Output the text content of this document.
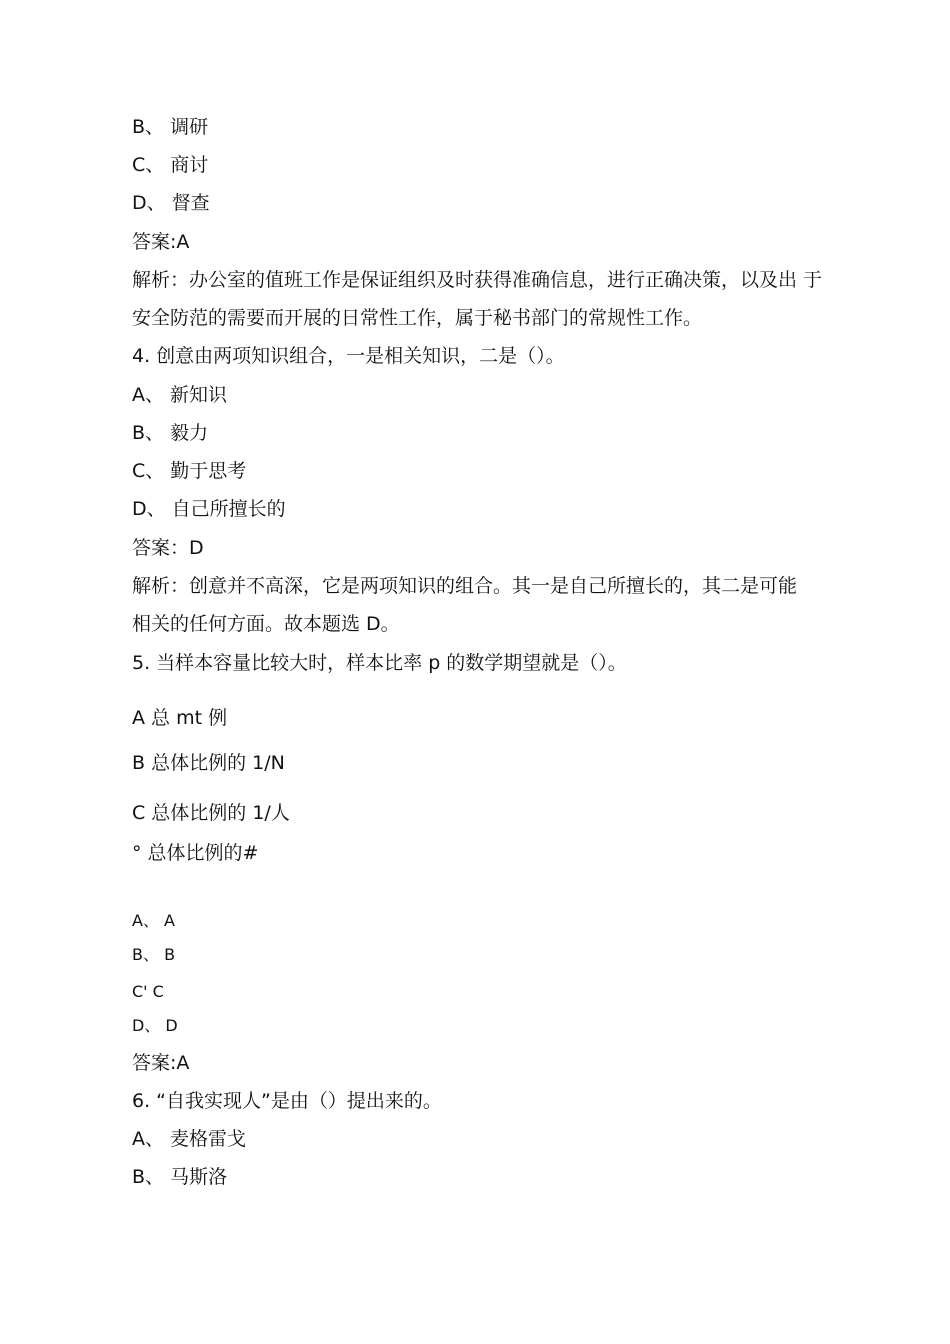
B、 调研
C、 商讨
D、 督查
答案:A
解析：办公室的值班工作是保证组织及时获得准确信息，进行正确决策，以及出 于
安全防范的需要而开展的日常性工作，属于秘书部门的常规性工作。
4. 创意由两项知识组合，一是相关知识，二是（）。
A、 新知识
B、 毅力
C、 勤于思考
D、 自己所擅长的
答案：D
解析：创意并不高深，它是两项知识的组合。其一是自己所擅长的，其二是可能
相关的任何方面。故本题选 D。
5. 当样本容量比较大时，样本比率 p 的数学期望就是（）。
A 总 mt 例
B 总体比例的 1/N
C 总体比例的 1/人
° 总体比例的#
A、 A
B、 B
C' C
D、 D
答案:A
6. “自我实现人”是由（）提出来的。
A、 麦格雷戈
B、 马斯洛
